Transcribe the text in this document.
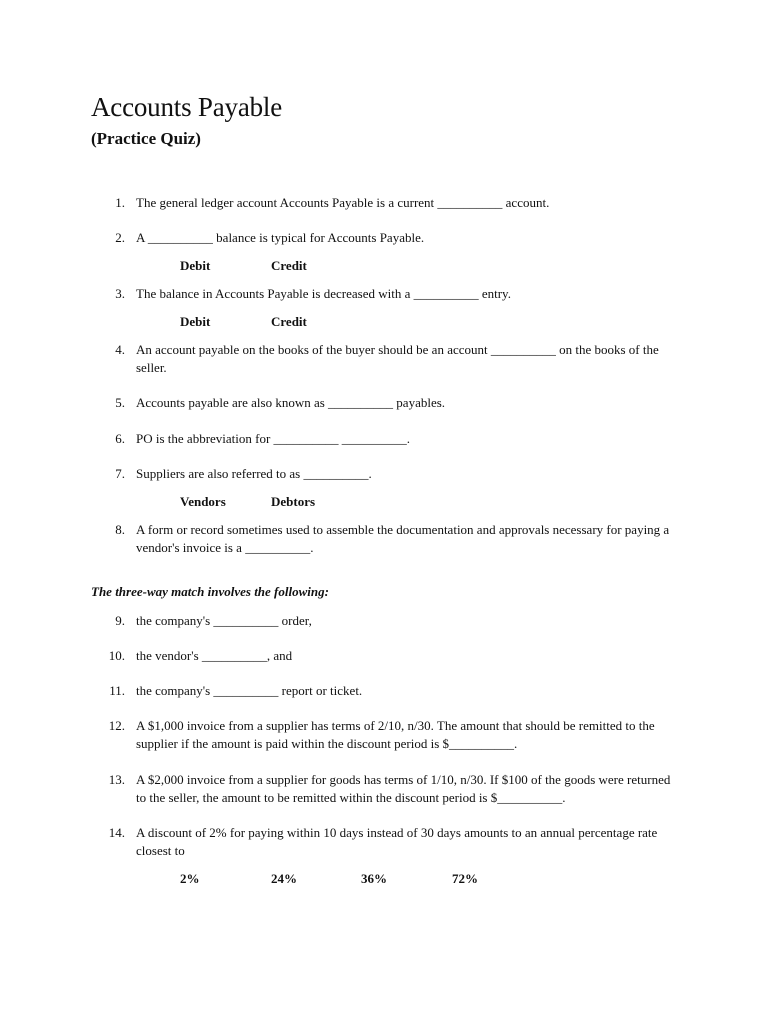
Accounts Payable
(Practice Quiz)
1. The general ledger account Accounts Payable is a current __________ account.
2. A __________ balance is typical for Accounts Payable.
Debit	Credit
3. The balance in Accounts Payable is decreased with a __________ entry.
Debit	Credit
4. An account payable on the books of the buyer should be an account __________ on the books of the seller.
5. Accounts payable are also known as __________ payables.
6. PO is the abbreviation for __________ __________.
7. Suppliers are also referred to as __________.
Vendors	Debtors
8. A form or record sometimes used to assemble the documentation and approvals necessary for paying a vendor's invoice is a __________.

The three-way match involves the following:

9. the company's __________ order,
10. the vendor's __________, and
11. the company's __________ report or ticket.
12. A $1,000 invoice from a supplier has terms of 2/10, n/30. The amount that should be remitted to the supplier if the amount is paid within the discount period is $__________.
13. A $2,000 invoice from a supplier for goods has terms of 1/10, n/30. If $100 of the goods were returned to the seller, the amount to be remitted within the discount period is $__________.
14. A discount of 2% for paying within 10 days instead of 30 days amounts to an annual percentage rate closest to
2%	24%	36%	72%
